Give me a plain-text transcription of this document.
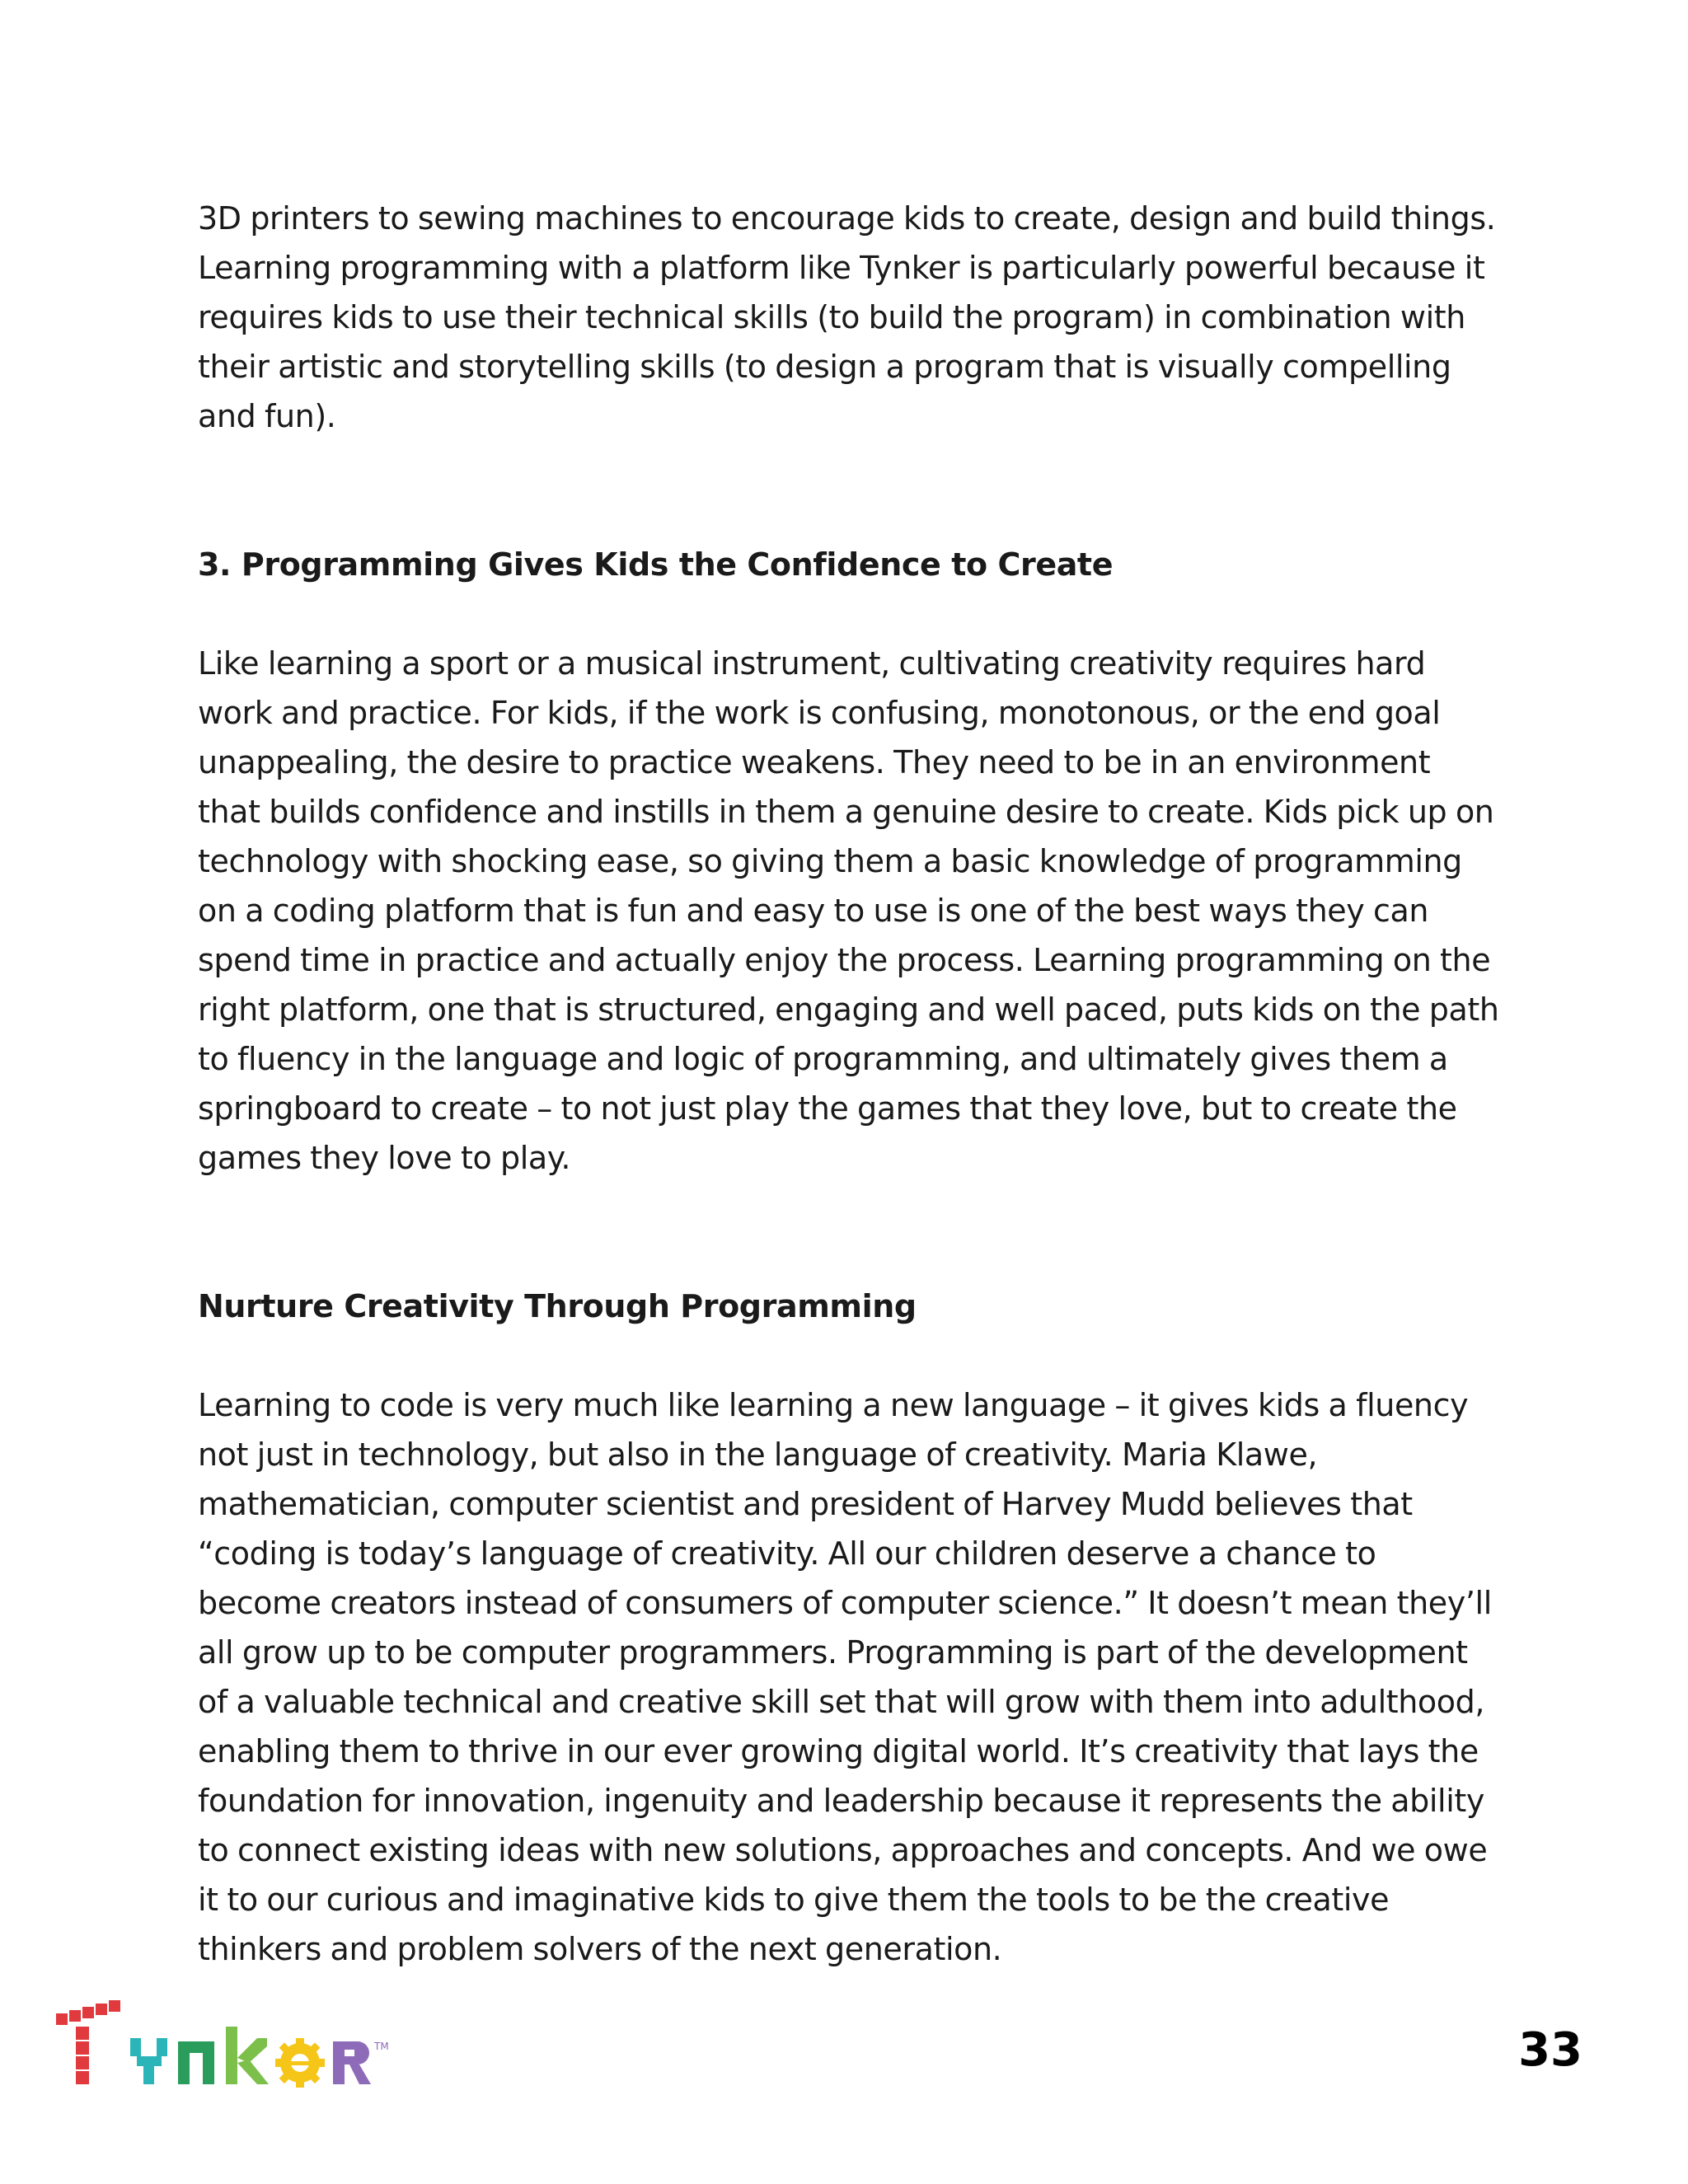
3D printers to sewing machines to encourage kids to create, design and build things. Learning programming with a platform like Tynker is particularly powerful because it requires kids to use their technical skills (to build the program) in combination with their artistic and storytelling skills (to design a program that is visually compelling and fun).

3. Programming Gives Kids the Confidence to Create

Like learning a sport or a musical instrument, cultivating creativity requires hard work and practice. For kids, if the work is confusing, monotonous, or the end goal unappealing, the desire to practice weakens. They need to be in an environment that builds confidence and instills in them a genuine desire to create. Kids pick up on technology with shocking ease, so giving them a basic knowledge of programming on a coding platform that is fun and easy to use is one of the best ways they can spend time in practice and actually enjoy the process. Learning programming on the right platform, one that is structured, engaging and well paced, puts kids on the path to fluency in the language and logic of programming, and ultimately gives them a springboard to create – to not just play the games that they love, but to create the games they love to play.

Nurture Creativity Through Programming

Learning to code is very much like learning a new language – it gives kids a fluency not just in technology, but also in the language of creativity. Maria Klawe, mathematician, computer scientist and president of Harvey Mudd believes that “coding is today’s language of creativity. All our children deserve a chance to become creators instead of consumers of computer science.” It doesn’t mean they’ll all grow up to be computer programmers. Programming is part of the development of a valuable technical and creative skill set that will grow with them into adulthood, enabling them to thrive in our ever growing digital world. It’s creativity that lays the foundation for innovation, ingenuity and leadership because it represents the ability to connect existing ideas with new solutions, approaches and concepts. And we owe it to our curious and imaginative kids to give them the tools to be the creative thinkers and problem solvers of the next generation.

TM	33
